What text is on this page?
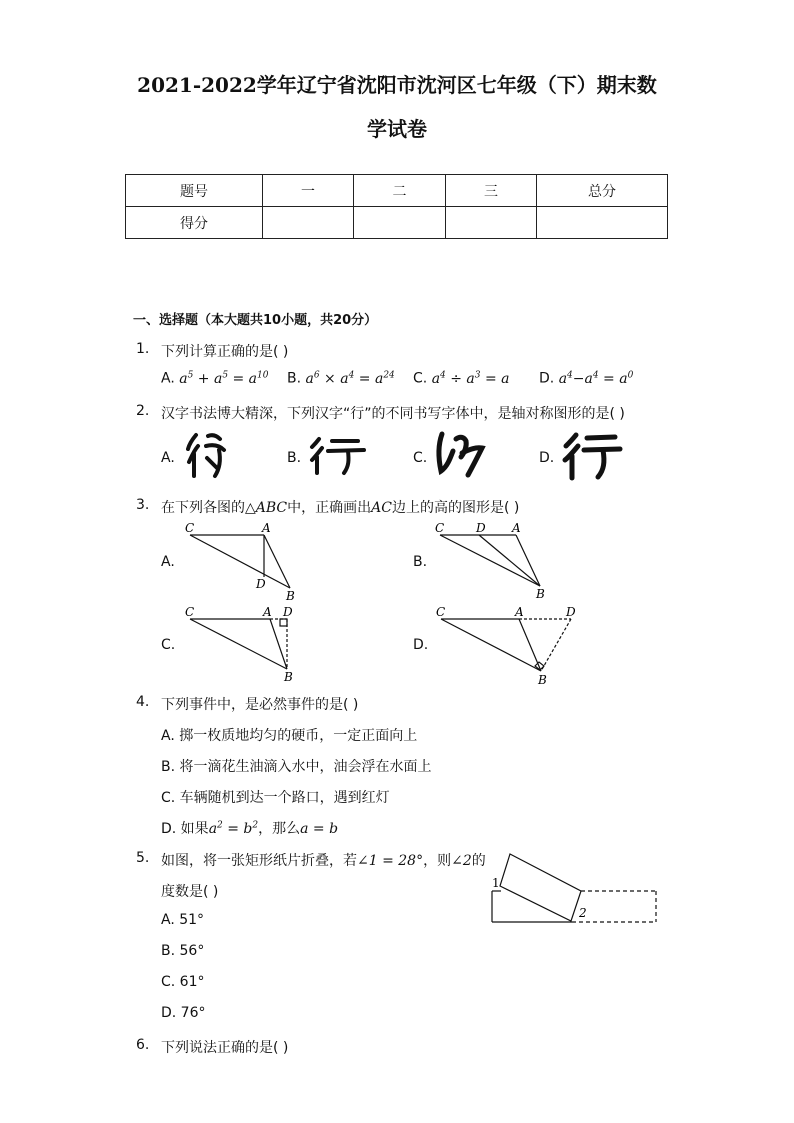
2021-2022学年辽宁省沈阳市沈河区七年级（下）期末数
学试卷
题号	一	二	三	总分
得分				
一、选择题（本大题共10小题，共20分）
1. 下列计算正确的是( )
A. $a^5 + a^5 = a^{10}$ B. $a^6 \times a^4 = a^{24}$ C. $a^4 \div a^3 = a$ D. $a^4-a^4 = a^0$
2. 汉字书法博大精深，下列汉字“行”的不同书写字体中，是轴对称图形的是( )
A.	B.	C.	D.
3. 在下列各图的△ABC中，正确画出AC边上的高的图形是( )
A.
C	A
D
B
B.
C	D A
B
C.
C	A D
B
D.
C	A	D
B
4. 下列事件中，是必然事件的是( )
A. 掷一枚质地均匀的硬币，一定正面向上
B. 将一滴花生油滴入水中，油会浮在水面上
C. 车辆随机到达一个路口，遇到红灯
D. 如果$a^2 = b^2$，那么a = b
5. 如图，将一张矩形纸片折叠，若∠1 = 28°，则∠2的
度数是( )
A. 51°
B. 56°
C. 61°
D. 76°
1
2
6. 下列说法正确的是( )
